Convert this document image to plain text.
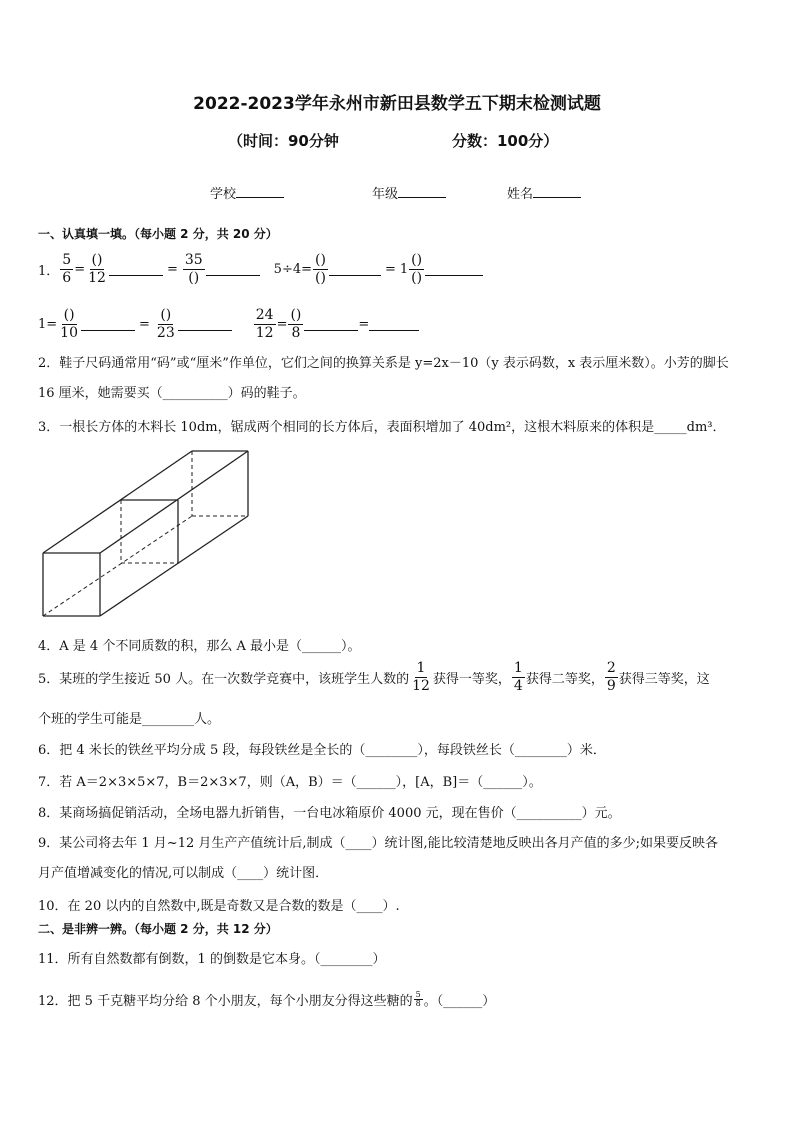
2022-2023学年永州市新田县数学五下期末检测试题
（时间：90分钟	分数：100分）
学校	年级	姓名
一、认真填一填。（每小题 2 分，共 20 分）
1． $\frac{5}{6} = \frac{()}{12}$	= $\frac{35}{()}$	$5\div 4= \frac{()}{()}$	= $1 \frac{()}{()}$
$1= \frac{()}{10}$	= $\frac{()}{23}$	$\frac{24}{12} = \frac{()}{8}$	=
2．鞋子尺码通常用“码”或“厘米”作单位，它们之间的换算关系是 y=2x－10（y 表示码数，x 表示厘米数）。小芳的脚长
16 厘米，她需要买（__________）码的鞋子。
3．一根长方体的木料长 10dm，锯成两个相同的长方体后，表面积增加了 40dm²，这根木料原来的体积是_____dm³．
4．A 是 4 个不同质数的积，那么 A 最小是（______）。
5．某班的学生接近 50 人。在一次数学竞赛中，该班学生人数的 $\frac{1}{12}$ 获得一等奖， $\frac{1}{4}$ 获得二等奖， $\frac{2}{9}$ 获得三等奖，这
个班的学生可能是________人。
6．把 4 米长的铁丝平均分成 5 段，每段铁丝是全长的（________），每段铁丝长（________）米．
7．若 A＝2×3×5×7，B＝2×3×7，则（A，B）＝（______），[A，B]＝（______）。
8．某商场搞促销活动，全场电器九折销售，一台电冰箱原价 4000 元，现在售价（__________）元。
9．某公司将去年 1 月~12 月生产产值统计后,制成（____）统计图,能比较清楚地反映出各月产值的多少;如果要反映各
月产值增减变化的情况,可以制成（____）统计图．
10．在 20 以内的自然数中,既是奇数又是合数的数是（____）.
二、是非辨一辨。（每小题 2 分，共 12 分）
11．所有自然数都有倒数，1 的倒数是它本身。（________）
12．把 5 千克糖平均分给 8 个小朋友，每个小朋友分得这些糖的 $\frac{5}{8}$ 。（______）
